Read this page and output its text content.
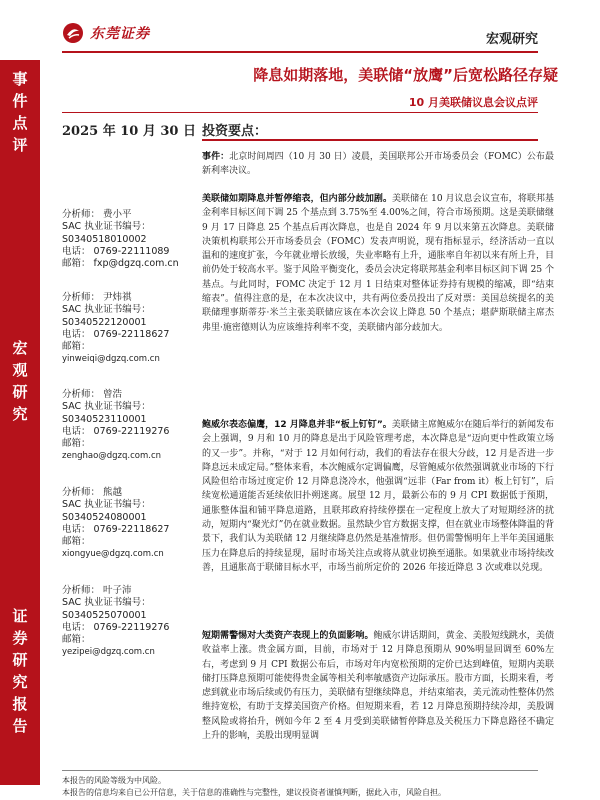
东莞证券	宏观研究
事
件
点
评
宏
观
研
究
证
券
研
究
报
告
降息如期落地，美联储“放鹰”后宽松路径存疑
10 月美联储议息会议点评
2025 年 10 月 30 日
分析师： 费小平
SAC 执业证书编号：
S0340518010002
电话： 0769-22111089
邮箱： fxp@dgzq.com.cn
分析师： 尹炜祺
SAC 执业证书编号：
S0340522120001
电话： 0769-22118627
邮箱：
yinweiqi@dgzq.com.cn
分析师： 曾浩
SAC 执业证书编号：
S0340523110001
电话： 0769-22119276
邮箱：
zenghao@dgzq.com.cn
分析师： 熊越
SAC 执业证书编号：
S0340524080001
电话： 0769-22118627
邮箱：
xiongyue@dgzq.com.cn
分析师： 叶子沛
SAC 执业证书编号：
S0340525070001
电话： 0769-22119276
邮箱：
yezipei@dgzq.com.cn
投资要点：
事件：北京时间周四（10 月 30 日）凌晨，美国联邦公开市场委员会（FOMC）公布最新利率决议。
美联储如期降息并暂停缩表，但内部分歧加剧。美联储在 10 月议息会议宣布，将联邦基金利率目标区间下调 25 个基点到 3.75%至 4.00%之间，符合市场预期。这是美联储继 9 月 17 日降息 25 个基点后再次降息，也是自 2024 年 9 月以来第五次降息。美联储决策机构联邦公开市场委员会（FOMC）发表声明说，现有指标显示，经济活动一直以温和的速度扩张，今年就业增长放缓，失业率略有上升，通胀率自年初以来有所上升，目前仍处于较高水平。鉴于风险平衡变化，委员会决定将联邦基金利率目标区间下调 25 个基点。与此同时，FOMC 决定于 12 月 1 日结束对整体证券持有规模的缩减，即“结束缩表”。值得注意的是，在本次决议中，共有两位委员投出了反对票：美国总统提名的美联储理事斯蒂芬·米兰主张美联储应该在本次会议上降息 50 个基点；堪萨斯联储主席杰弗里·施密德则认为应该维持利率不变，美联储内部分歧加大。
鲍威尔表态偏鹰，12 月降息并非“板上钉钉”。美联储主席鲍威尔在随后举行的新闻发布会上强调，9 月和 10 月的降息是出于风险管理考虑，本次降息是“迈向更中性政策立场的又一步”。并称，“对于 12 月如何行动，我们的看法存在很大分歧，12 月是否进一步降息远未成定局。”整体来看，本次鲍威尔定调偏鹰，尽管鲍威尔依然强调就业市场的下行风险但给市场过度定价 12 月降息浇冷水，他强调“远非（Far from it）板上钉钉”，后续宽松通道能否延续依旧扑朔迷离。展望 12 月，最新公布的 9 月 CPI 数据低于预期，通胀整体温和铺平降息道路，且联邦政府持续停摆在一定程度上放大了对短期经济的扰动，短期内“聚光灯”仍在就业数据。虽然缺少官方数据支撑，但在就业市场整体降温的背景下，我们认为美联储 12 月继续降息仍然是基准情形。但仍需警惕明年上半年美国通胀压力在降息后的持续显现，届时市场关注点或将从就业切换至通胀。如果就业市场持续改善，且通胀高于联储目标水平，市场当前所定价的 2026 年接近降息 3 次或难以兑现。
短期需警惕对大类资产表现上的负面影响。鲍威尔讲话期间，黄金、美股短线跳水，美债收益率上涨。贵金属方面，目前，市场对于 12 月降息预期从 90%明显回调至 60%左右，考虑到 9 月 CPI 数据公布后，市场对年内宽松预期的定价已达到峰值，短期内美联储打压降息预期可能使得贵金属等相关利率敏感资产边际承压。股市方面，长期来看，考虑到就业市场后续或仍有压力，美联储有望继续降息，并结束缩表，美元流动性整体仍然维持宽松，有助于支撑美国资产价格。但短期来看，若 12 月降息预期持续冷却，美股调整风险或将抬升，例如今年 2 至 4 月受到美联储暂停降息及关税压力下降息路径不确定上升的影响，美股出现明显调
本报告的风险等级为中风险。
本报告的信息均来自已公开信息，关于信息的准确性与完整性，建议投资者谨慎判断，据此入市，风险自担。
